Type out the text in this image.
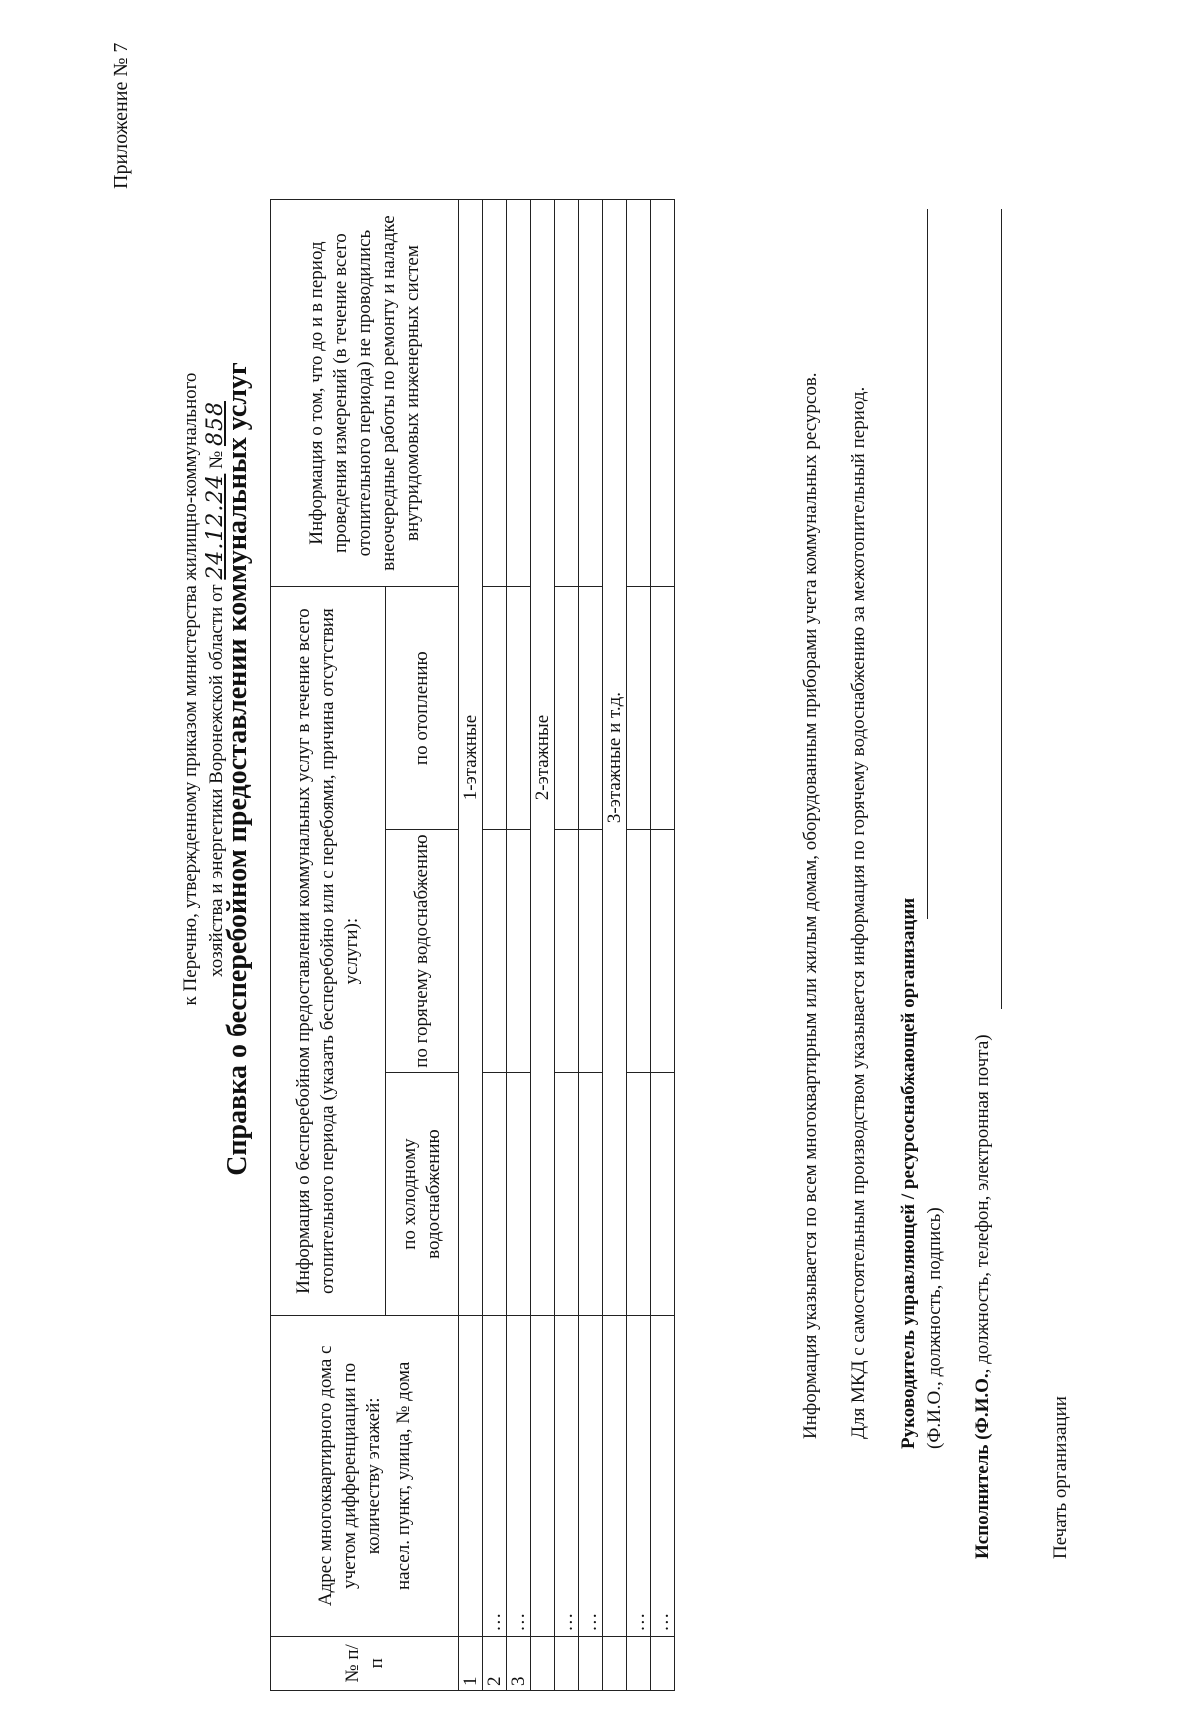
Приложение № 7
к Перечню, утвержденному приказом министерства жилищно-коммунального хозяйства и энергетики Воронежской области от 24.12.24 № 858
Справка о бесперебойном предоставлении коммунальных услуг
№ п/п	Адрес многоквартирного дома с учетом дифференциации по количеству этажей: насел. пункт, улица, № дома	Информация о бесперебойном предоставлении коммунальных услуг в течение всего отопительного периода (указать бесперебойно или с перебоями, причина отсутствия услуги):			Информация о том, что до и в период проведения измерений (в течение всего отопительного периода) не проводились внеочередные работы по ремонту и наладке внутридомовых инженерных систем
		по холодному водоснабжению	по горячему водоснабжению	по отоплению	
1		1-этажные			
2	…				
3	…				
		2-этажные			
	…				
	…				
		3-этажные и т.д.			
	…				
	…				
Информация указывается по всем многоквартирным или жилым домам, оборудованным приборами учета коммунальных ресурсов. Для МКД с самостоятельным производством указывается информация по горячему водоснабжению за межотопительный период. Руководитель управляющей / ресурсоснабжающей организации (Ф.И.О., должность, подпись)
Исполнитель (Ф.И.О., должность, телефон, электронная почта)
Печать организации
